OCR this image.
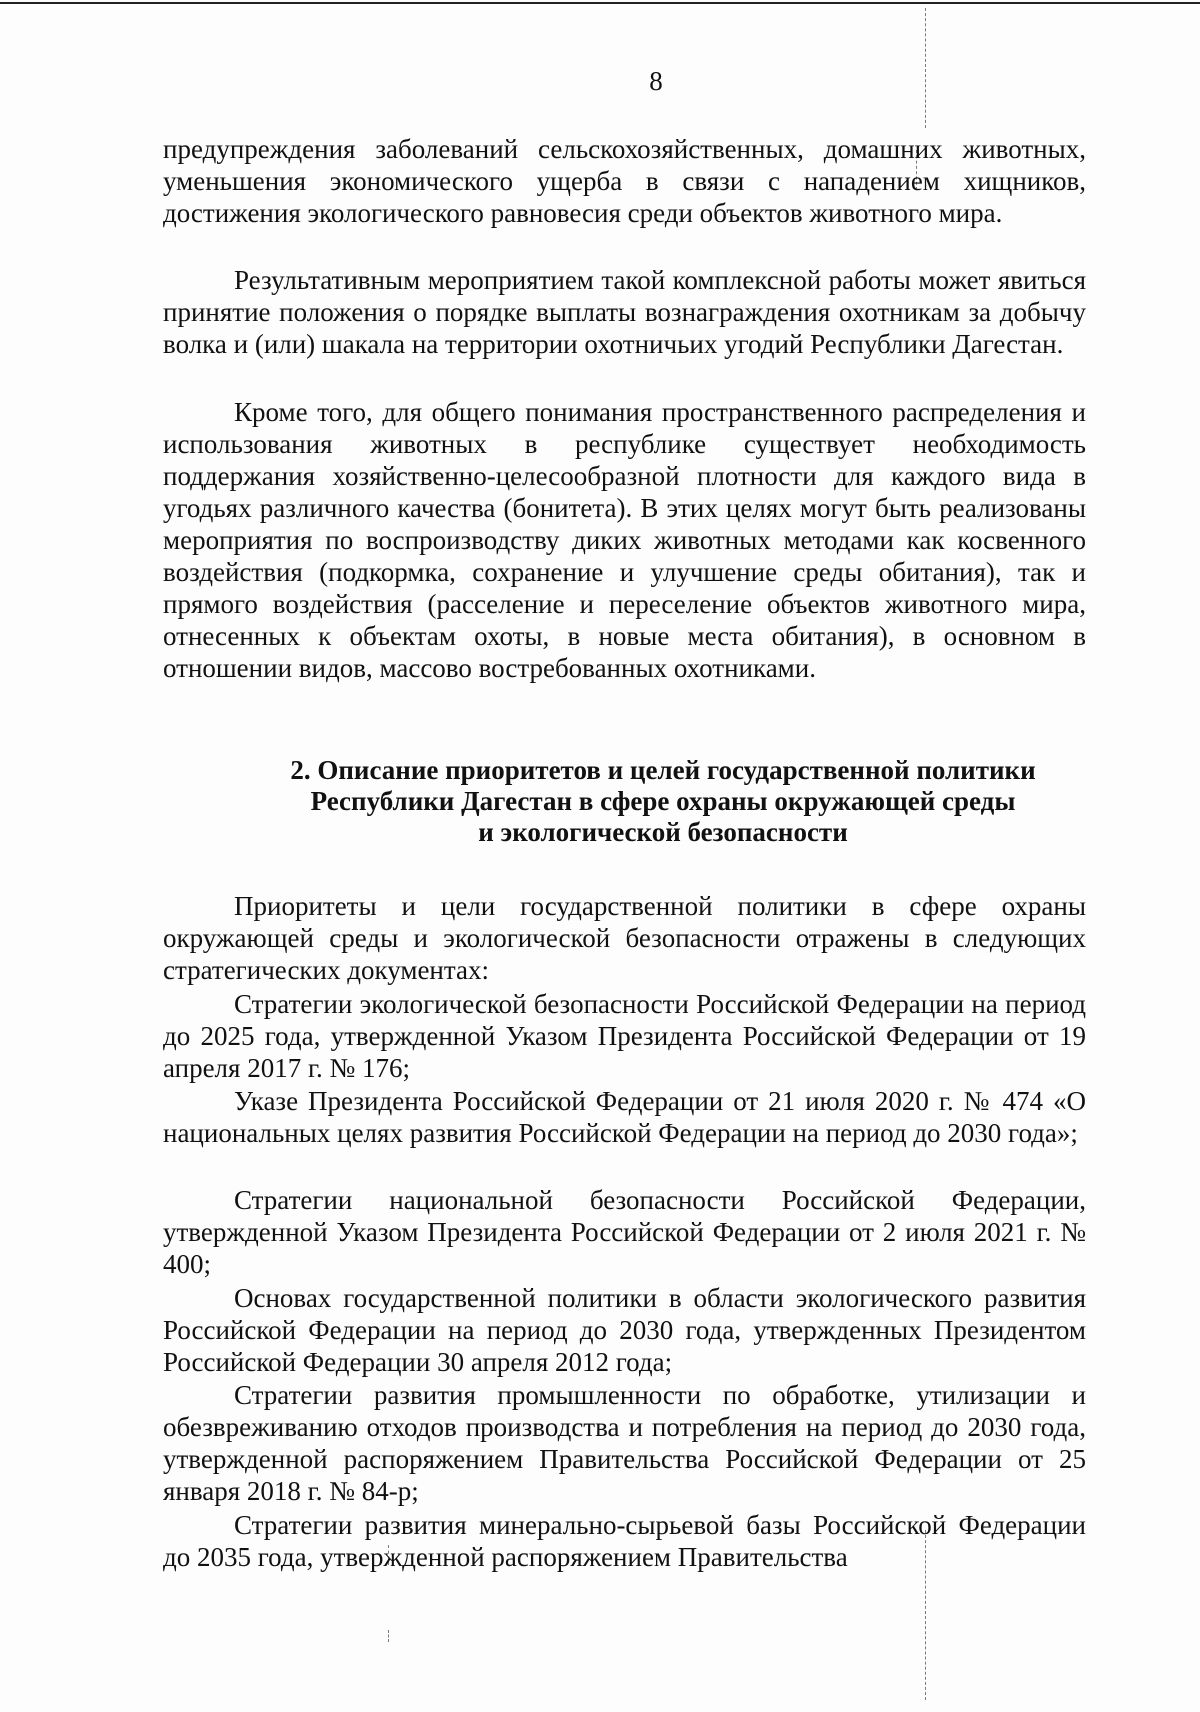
8

предупреждения заболеваний сельскохозяйственных, домашних животных, уменьшения экономического ущерба в связи с нападением хищников, достижения экологического равновесия среди объектов животного мира.

Результативным мероприятием такой комплексной работы может явиться принятие положения о порядке выплаты вознаграждения охотникам за добычу волка и (или) шакала на территории охотничьих угодий Республики Дагестан.

Кроме того, для общего понимания пространственного распределения и использования животных в республике существует необходимость поддержания хозяйственно-целесообразной плотности для каждого вида в угодьях различного качества (бонитета). В этих целях могут быть реализованы мероприятия по воспроизводству диких животных методами как косвенного воздействия (подкормка, сохранение и улучшение среды обитания), так и прямого воздействия (расселение и переселение объектов животного мира, отнесенных к объектам охоты, в новые места обитания), в основном в отношении видов, массово востребованных охотниками.

2. Описание приоритетов и целей государственной политики
Республики Дагестан в сфере охраны окружающей среды
и экологической безопасности

Приоритеты и цели государственной политики в сфере охраны окружающей среды и экологической безопасности отражены в следующих стратегических документах:

Стратегии экологической безопасности Российской Федерации на период до 2025 года, утвержденной Указом Президента Российской Федерации от 19 апреля 2017 г. № 176;

Указе Президента Российской Федерации от 21 июля 2020 г. № 474 «О национальных целях развития Российской Федерации на период до 2030 года»;

Стратегии национальной безопасности Российской Федерации, утвержденной Указом Президента Российской Федерации от 2 июля 2021 г. № 400;

Основах государственной политики в области экологического развития Российской Федерации на период до 2030 года, утвержденных Президентом Российской Федерации 30 апреля 2012 года;

Стратегии развития промышленности по обработке, утилизации и обезвреживанию отходов производства и потребления на период до 2030 года, утвержденной распоряжением Правительства Российской Федерации от 25 января 2018 г. № 84-р;

Стратегии развития минерально-сырьевой базы Российской Федерации до 2035 года, утвержденной распоряжением Правительства
